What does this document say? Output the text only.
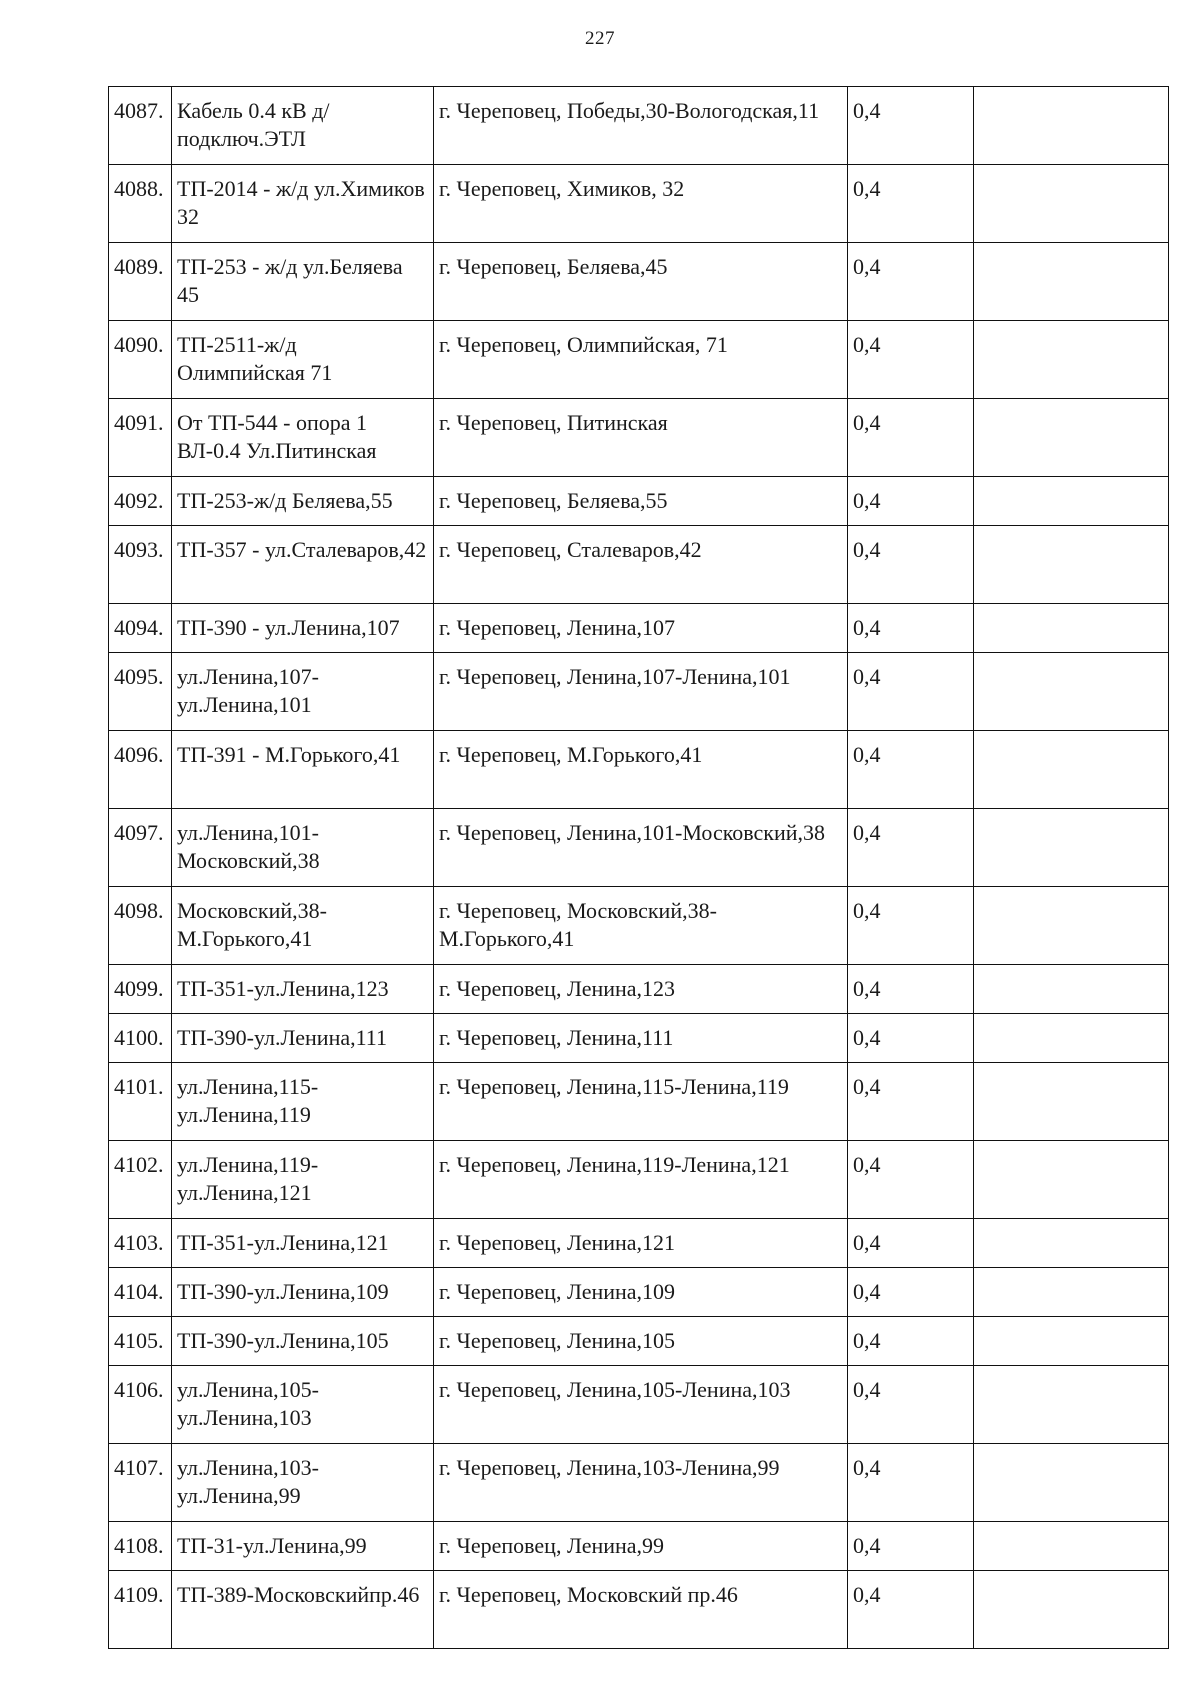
227
4087.	Кабель 0.4 кВ д/подключ.ЭТЛ	г. Череповец, Победы,30-Вологодская,11	0,4	
4088.	ТП-2014 - ж/д ул.Химиков 32	г. Череповец, Химиков, 32	0,4	
4089.	ТП-253 - ж/д ул.Беляева 45	г. Череповец, Беляева,45	0,4	
4090.	ТП-2511-ж/д Олимпийская 71	г. Череповец, Олимпийская, 71	0,4	
4091.	От ТП-544 - опора 1 ВЛ-0.4 Ул.Питинская	г. Череповец, Питинская	0,4	
4092.	ТП-253-ж/д Беляева,55	г. Череповец, Беляева,55	0,4	
4093.	ТП-357 - ул.Сталеваров,42	г. Череповец, Сталеваров,42	0,4	
4094.	ТП-390 - ул.Ленина,107	г. Череповец, Ленина,107	0,4	
4095.	ул.Ленина,107-ул.Ленина,101	г. Череповец, Ленина,107-Ленина,101	0,4	
4096.	ТП-391 - М.Горького,41	г. Череповец, М.Горького,41	0,4	
4097.	ул.Ленина,101-Московский,38	г. Череповец, Ленина,101-Московский,38	0,4	
4098.	Московский,38-М.Горького,41	г. Череповец, Московский,38-М.Горького,41	0,4	
4099.	ТП-351-ул.Ленина,123	г. Череповец, Ленина,123	0,4	
4100.	ТП-390-ул.Ленина,111	г. Череповец, Ленина,111	0,4	
4101.	ул.Ленина,115-ул.Ленина,119	г. Череповец, Ленина,115-Ленина,119	0,4	
4102.	ул.Ленина,119-ул.Ленина,121	г. Череповец, Ленина,119-Ленина,121	0,4	
4103.	ТП-351-ул.Ленина,121	г. Череповец, Ленина,121	0,4	
4104.	ТП-390-ул.Ленина,109	г. Череповец, Ленина,109	0,4	
4105.	ТП-390-ул.Ленина,105	г. Череповец, Ленина,105	0,4	
4106.	ул.Ленина,105-ул.Ленина,103	г. Череповец, Ленина,105-Ленина,103	0,4	
4107.	ул.Ленина,103-ул.Ленина,99	г. Череповец, Ленина,103-Ленина,99	0,4	
4108.	ТП-31-ул.Ленина,99	г. Череповец, Ленина,99	0,4	
4109.	ТП-389-Московскийпр.46	г. Череповец, Московский пр.46	0,4	
